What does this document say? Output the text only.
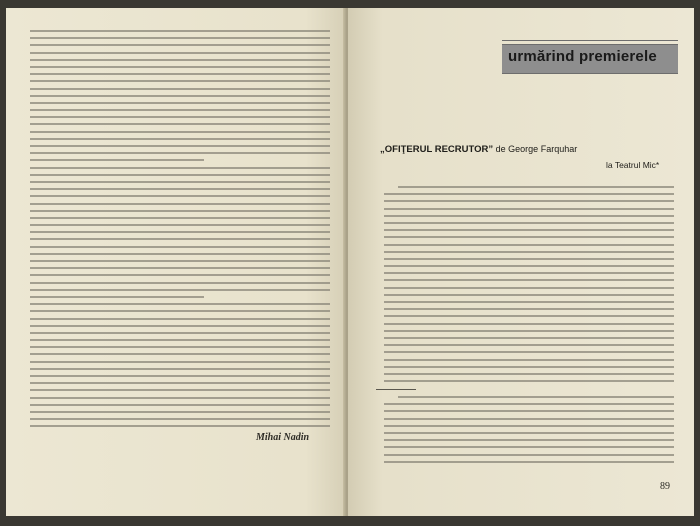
Mihai Nadin
urmărind premierele
„OFIŢERUL RECRUTOR” de George Farquhar
la Teatrul Mic*
89
